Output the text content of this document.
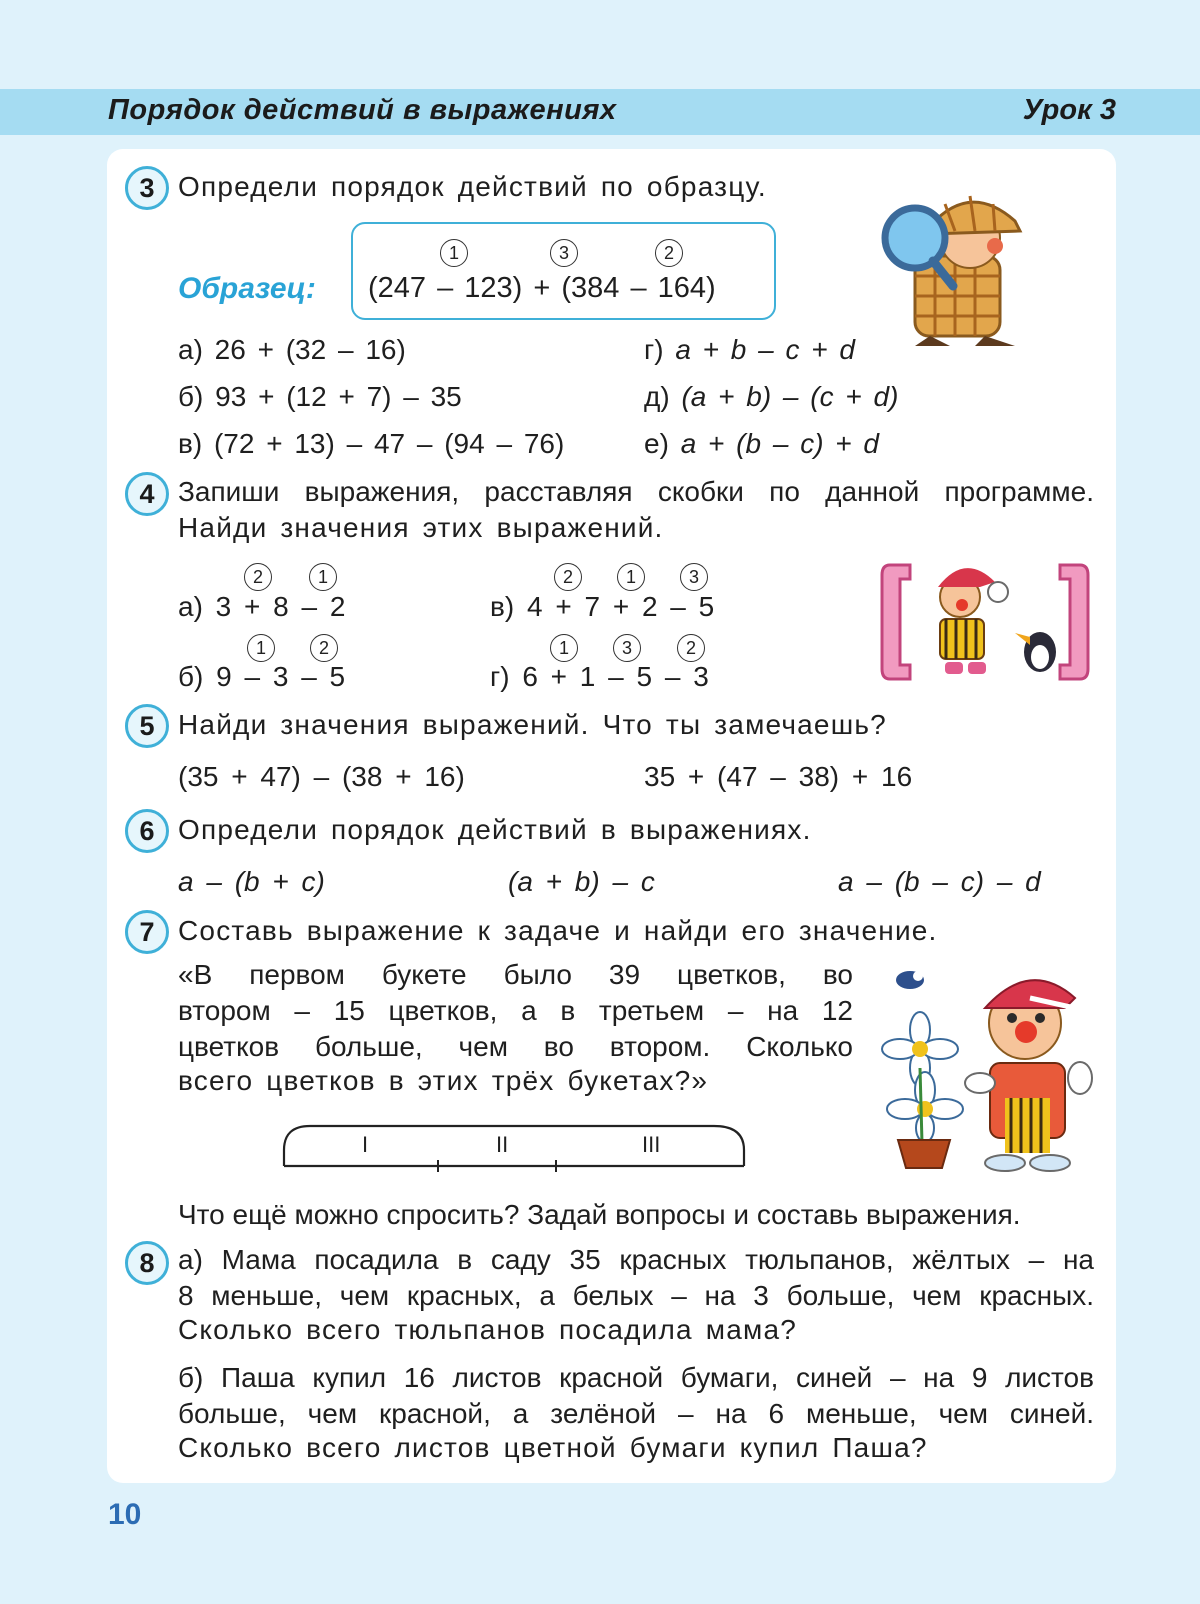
Порядок действий в выражениях	Урок 3
3 Определи порядок действий по образцу.
Образец:
1	3	2
(247 – 123) + (384 – 164)
а) 26 + (32 – 16)
б) 93 + (12 + 7) – 35
в) (72 + 13) – 47 – (94 – 76)
г) a + b – c + d
д) (a + b) – (c + d)
е) a + (b – c) + d
4 Запиши выражения, расставляя скобки по данной программе.
Найди значения этих выражений.
2	1
а) 3 + 8 – 2
1	2
б) 9 – 3 – 5
2	1	3
в) 4 + 7 + 2 – 5
1	3	2
г) 6 + 1 – 5 – 3
5 Найди значения выражений. Что ты замечаешь?
(35 + 47) – (38 + 16)	35 + (47 – 38) + 16
6 Определи порядок действий в выражениях.
a – (b + c)	(a + b) – c	a – (b – c) – d
7 Составь выражение к задаче и найди его значение.
«В первом букете было 39 цветков, во
втором – 15 цветков, а в третьем – на 12
цветков больше, чем во втором. Сколько
всего цветков в этих трёх букетах?»
I	II	III
Что ещё можно спросить? Задай вопросы и составь выражения.
8 а) Мама посадила в саду 35 красных тюльпанов, жёлтых – на
8 меньше, чем красных, а белых – на 3 больше, чем красных.
Сколько всего тюльпанов посадила мама?
б) Паша купил 16 листов красной бумаги, синей – на 9 листов
больше, чем красной, а зелёной – на 6 меньше, чем синей.
Сколько всего листов цветной бумаги купил Паша?
10
